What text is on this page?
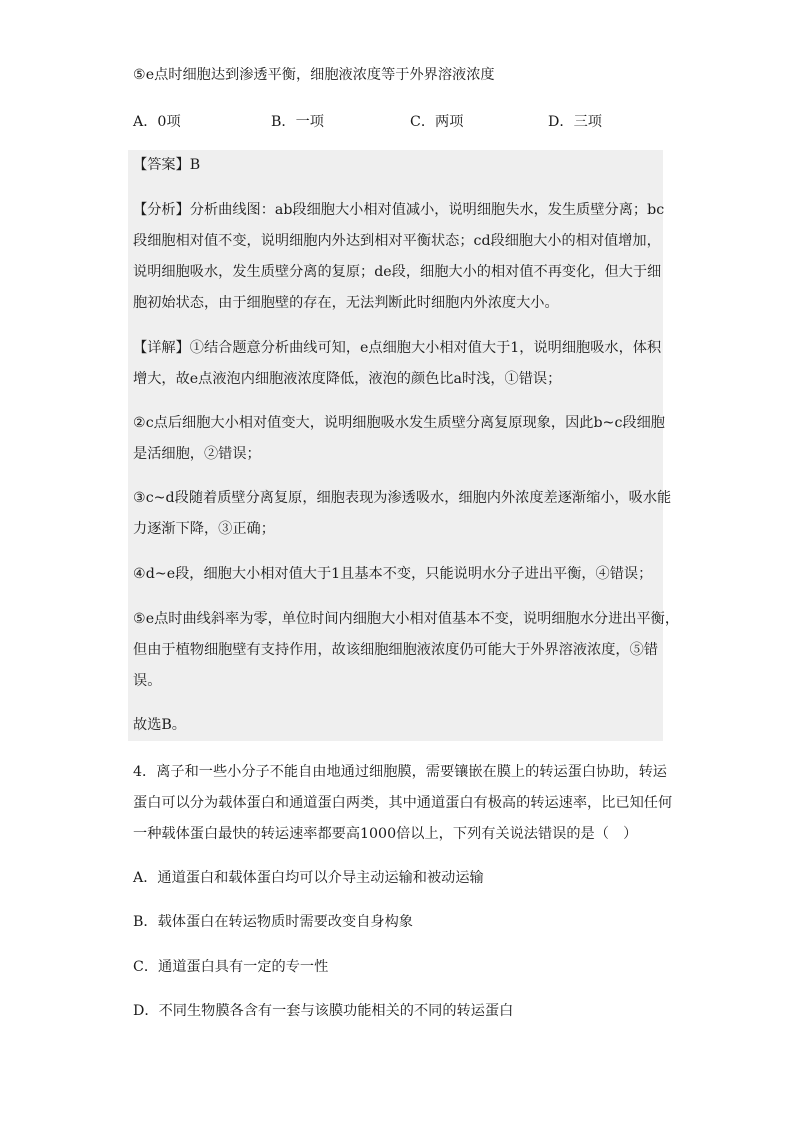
⑤e点时细胞达到渗透平衡，细胞液浓度等于外界溶液浓度
A．0项	B．一项	C．两项	D．三项
【答案】B
【分析】分析曲线图：ab段细胞大小相对值减小，说明细胞失水，发生质壁分离；bc
段细胞相对值不变，说明细胞内外达到相对平衡状态；cd段细胞大小的相对值增加，
说明细胞吸水，发生质壁分离的复原；de段，细胞大小的相对值不再变化，但大于细
胞初始状态，由于细胞壁的存在，无法判断此时细胞内外浓度大小。
【详解】①结合题意分析曲线可知，e点细胞大小相对值大于1，说明细胞吸水，体积
增大，故e点液泡内细胞液浓度降低，液泡的颜色比a时浅，①错误；
②c点后细胞大小相对值变大，说明细胞吸水发生质壁分离复原现象，因此b~c段细胞
是活细胞，②错误；
③c~d段随着质壁分离复原，细胞表现为渗透吸水，细胞内外浓度差逐渐缩小，吸水能
力逐渐下降，③正确；
④d~e段，细胞大小相对值大于1且基本不变，只能说明水分子进出平衡，④错误；
⑤e点时曲线斜率为零，单位时间内细胞大小相对值基本不变，说明细胞水分进出平衡，
但由于植物细胞壁有支持作用，故该细胞细胞液浓度仍可能大于外界溶液浓度，⑤错
误。
故选B。
4．离子和一些小分子不能自由地通过细胞膜，需要镶嵌在膜上的转运蛋白协助，转运
蛋白可以分为载体蛋白和通道蛋白两类，其中通道蛋白有极高的转运速率，比已知任何
一种载体蛋白最快的转运速率都要高1000倍以上，下列有关说法错误的是（　）
A．通道蛋白和载体蛋白均可以介导主动运输和被动运输
B．载体蛋白在转运物质时需要改变自身构象
C．通道蛋白具有一定的专一性
D．不同生物膜各含有一套与该膜功能相关的不同的转运蛋白
